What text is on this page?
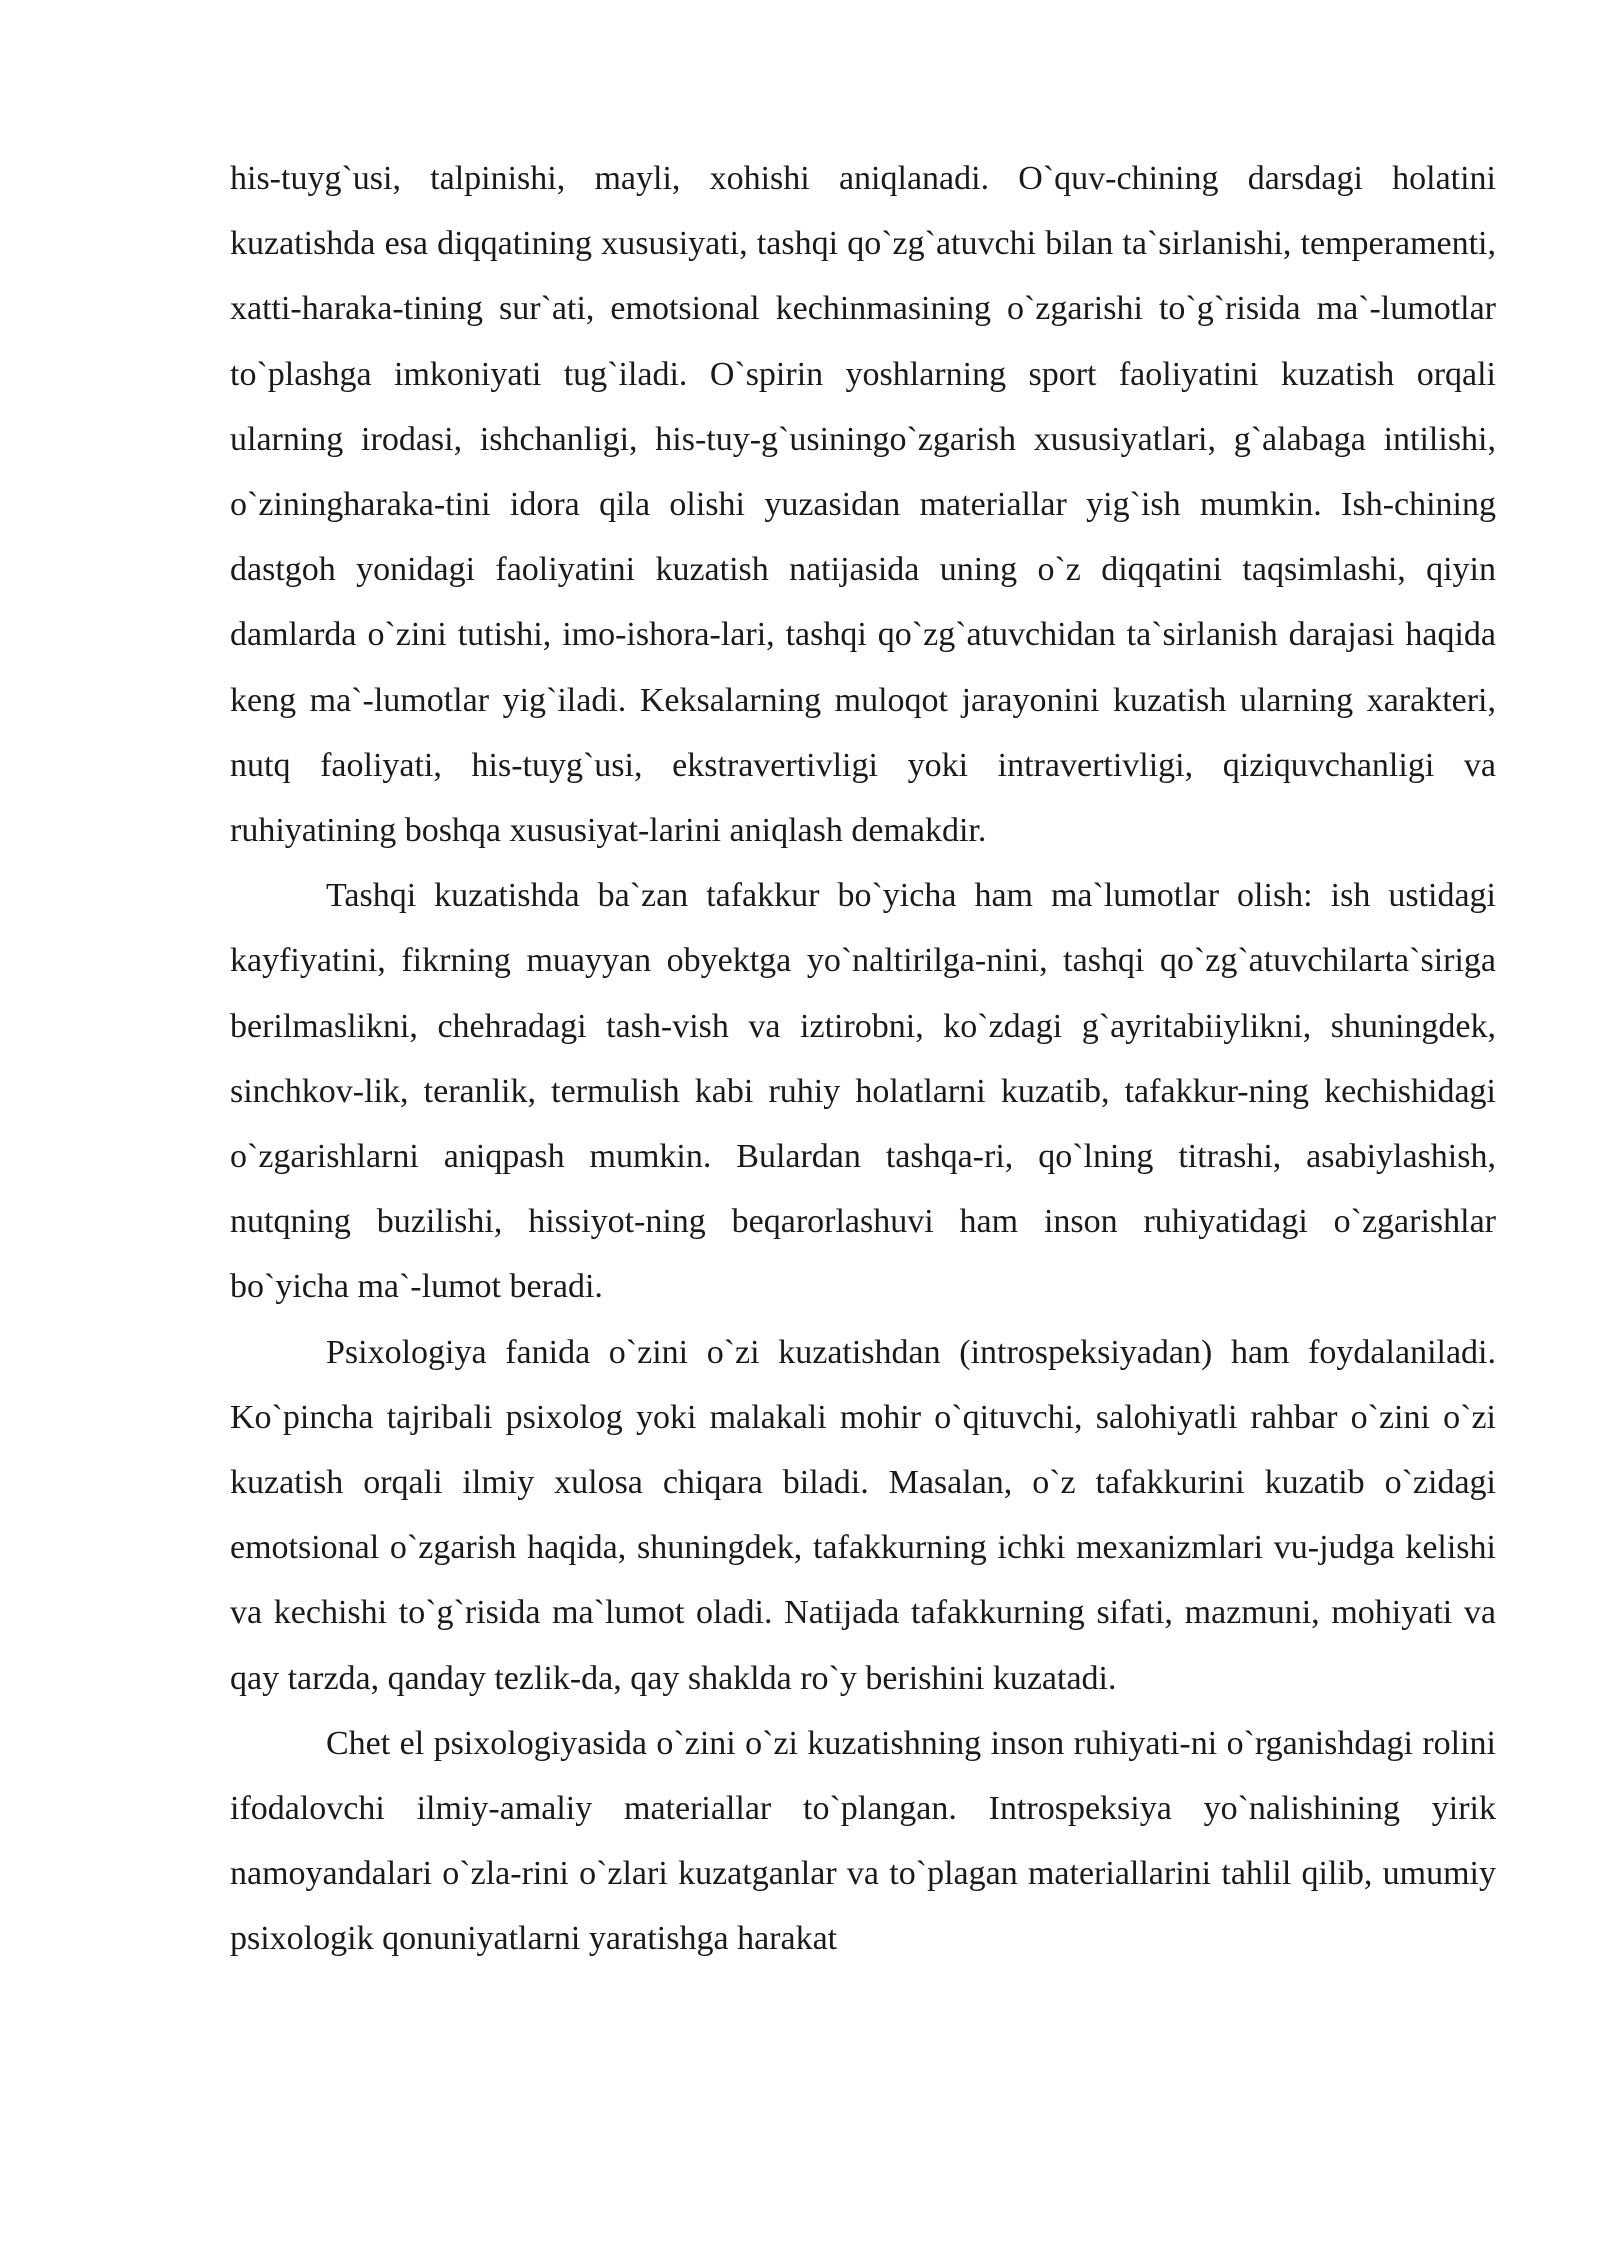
his-tuyg`usi, talpinishi, mayli, xohishi aniqlanadi. O`quv-chining darsdagi holatini kuzatishda esa diqqatining xususiyati, tashqi qo`zg`atuvchi bilan ta`sirlanishi, temperamenti, xatti-haraka-tining sur`ati, emotsional kechinmasining o`zgarishi to`g`risida ma`-lumotlar to`plashga imkoniyati tug`iladi. O`spirin yoshlarning sport faoliyatini kuzatish orqali ularning irodasi, ishchanligi, his-tuy-g`usiningo`zgarish xususiyatlari, g`alabaga intilishi, o`ziningharaka-tini idora qila olishi yuzasidan materiallar yig`ish mumkin. Ish-chining dastgoh yonidagi faoliyatini kuzatish natijasida uning o`z diqqatini taqsimlashi, qiyin damlarda o`zini tutishi, imo-ishora-lari, tashqi qo`zg`atuvchidan ta`sirlanish darajasi haqida keng ma`-lumotlar yig`iladi. Keksalarning muloqot jarayonini kuzatish ularning xarakteri, nutq faoliyati, his-tuyg`usi, ekstravertivligi yoki intravertivligi, qiziquvchanligi va ruhiyatining boshqa xususiyat-larini aniqlash demakdir.

Tashqi kuzatishda ba`zan tafakkur bo`yicha ham ma`lumotlar olish: ish ustidagi kayfiyatini, fikrning muayyan obyektga yo`naltirilga-nini, tashqi qo`zg`atuvchilarta`siriga berilmaslikni, chehradagi tash-vish va iztirobni, ko`zdagi g`ayritabiiylikni, shuningdek, sinchkov-lik, teranlik, termulish kabi ruhiy holatlarni kuzatib, tafakkur-ning kechishidagi o`zgarishlarni aniqpash mumkin. Bulardan tashqa-ri, qo`lning titrashi, asabiylashish, nutqning buzilishi, hissiyot-ning beqarorlashuvi ham inson ruhiyatidagi o`zgarishlar bo`yicha ma`-lumot beradi.

Psixologiya fanida o`zini o`zi kuzatishdan (introspeksiyadan) ham foydalaniladi. Ko`pincha tajribali psixolog yoki malakali mohir o`qituvchi, salohiyatli rahbar o`zini o`zi kuzatish orqali ilmiy xulosa chiqara biladi. Masalan, o`z tafakkurini kuzatib o`zidagi emotsional o`zgarish haqida, shuningdek, tafakkurning ichki mexanizmlari vu-judga kelishi va kechishi to`g`risida ma`lumot oladi. Natijada tafakkurning sifati, mazmuni, mohiyati va qay tarzda, qanday tezlik-da, qay shaklda ro`y berishini kuzatadi.

Chet el psixologiyasida o`zini o`zi kuzatishning inson ruhiyati-ni o`rganishdagi rolini ifodalovchi ilmiy-amaliy materiallar to`plangan. Introspeksiya yo`nalishining yirik namoyandalari o`zla-rini o`zlari kuzatganlar va to`plagan materiallarini tahlil qilib, umumiy psixologik qonuniyatlarni yaratishga harakat
